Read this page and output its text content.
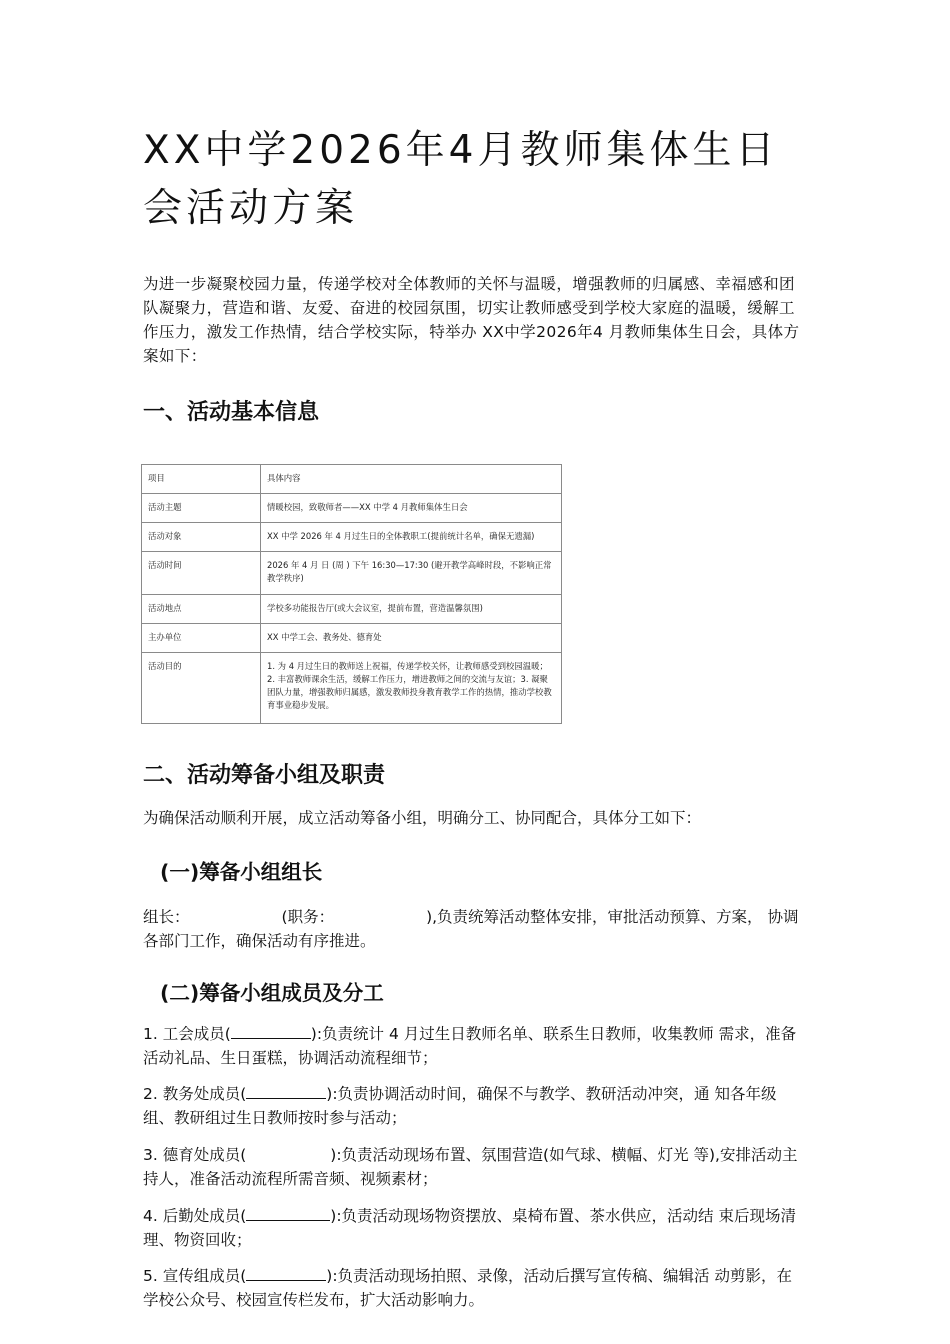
XX中学2026年4月教师集体生日会活动方案

为进一步凝聚校园力量，传递学校对全体教师的关怀与温暖，增强教师的归属感、幸福感和团队凝聚力，营造和谐、友爱、奋进的校园氛围，切实让教师感受到学校大家庭的温暖，缓解工作压力，激发工作热情，结合学校实际，特举办 XX中学2026年4 月教师集体生日会，具体方案如下：

一、活动基本信息
项目	具体内容
活动主题	情暖校园，致敬师者——XX 中学 4 月教师集体生日会
活动对象	XX 中学 2026 年 4 月过生日的全体教职工(提前统计名单，确保无遗漏)
活动时间	2026 年 4 月 日 (周 ) 下午 16:30—17:30 (避开教学高峰时段，不影响正常教学秩序)
活动地点	学校多功能报告厅(或大会议室，提前布置，营造温馨氛围)
主办单位	XX 中学工会、教务处、德育处
活动目的	1. 为 4 月过生日的教师送上祝福，传递学校关怀，让教师感受到校园温暖；2. 丰富教师课余生活，缓解工作压力，增进教师之间的交流与友谊；3. 凝聚团队力量，增强教师归属感，激发教师投身教育教学工作的热情，推动学校教育事业稳步发展。
二、活动筹备小组及职责

为确保活动顺利开展，成立活动筹备小组，明确分工、协同配合，具体分工如下：

(一)筹备小组组长

组长：	(职务：	),负责统筹活动整体安排，审批活动预算、方案， 协调各部门工作，确保活动有序推进。

(二)筹备小组成员及分工

1. 工会成员(	):负责统计 4 月过生日教师名单、联系生日教师，收集教师 需求，准备活动礼品、生日蛋糕，协调活动流程细节；

2. 教务处成员(	):负责协调活动时间，确保不与教学、教研活动冲突，通 知各年级组、教研组过生日教师按时参与活动；

3. 德育处成员(	):负责活动现场布置、氛围营造(如气球、横幅、灯光 等),安排活动主持人，准备活动流程所需音频、视频素材；

4. 后勤处成员(	):负责活动现场物资摆放、桌椅布置、茶水供应，活动结 束后现场清理、物资回收；

5. 宣传组成员(	):负责活动现场拍照、录像，活动后撰写宣传稿、编辑活 动剪影，在学校公众号、校园宣传栏发布，扩大活动影响力。
